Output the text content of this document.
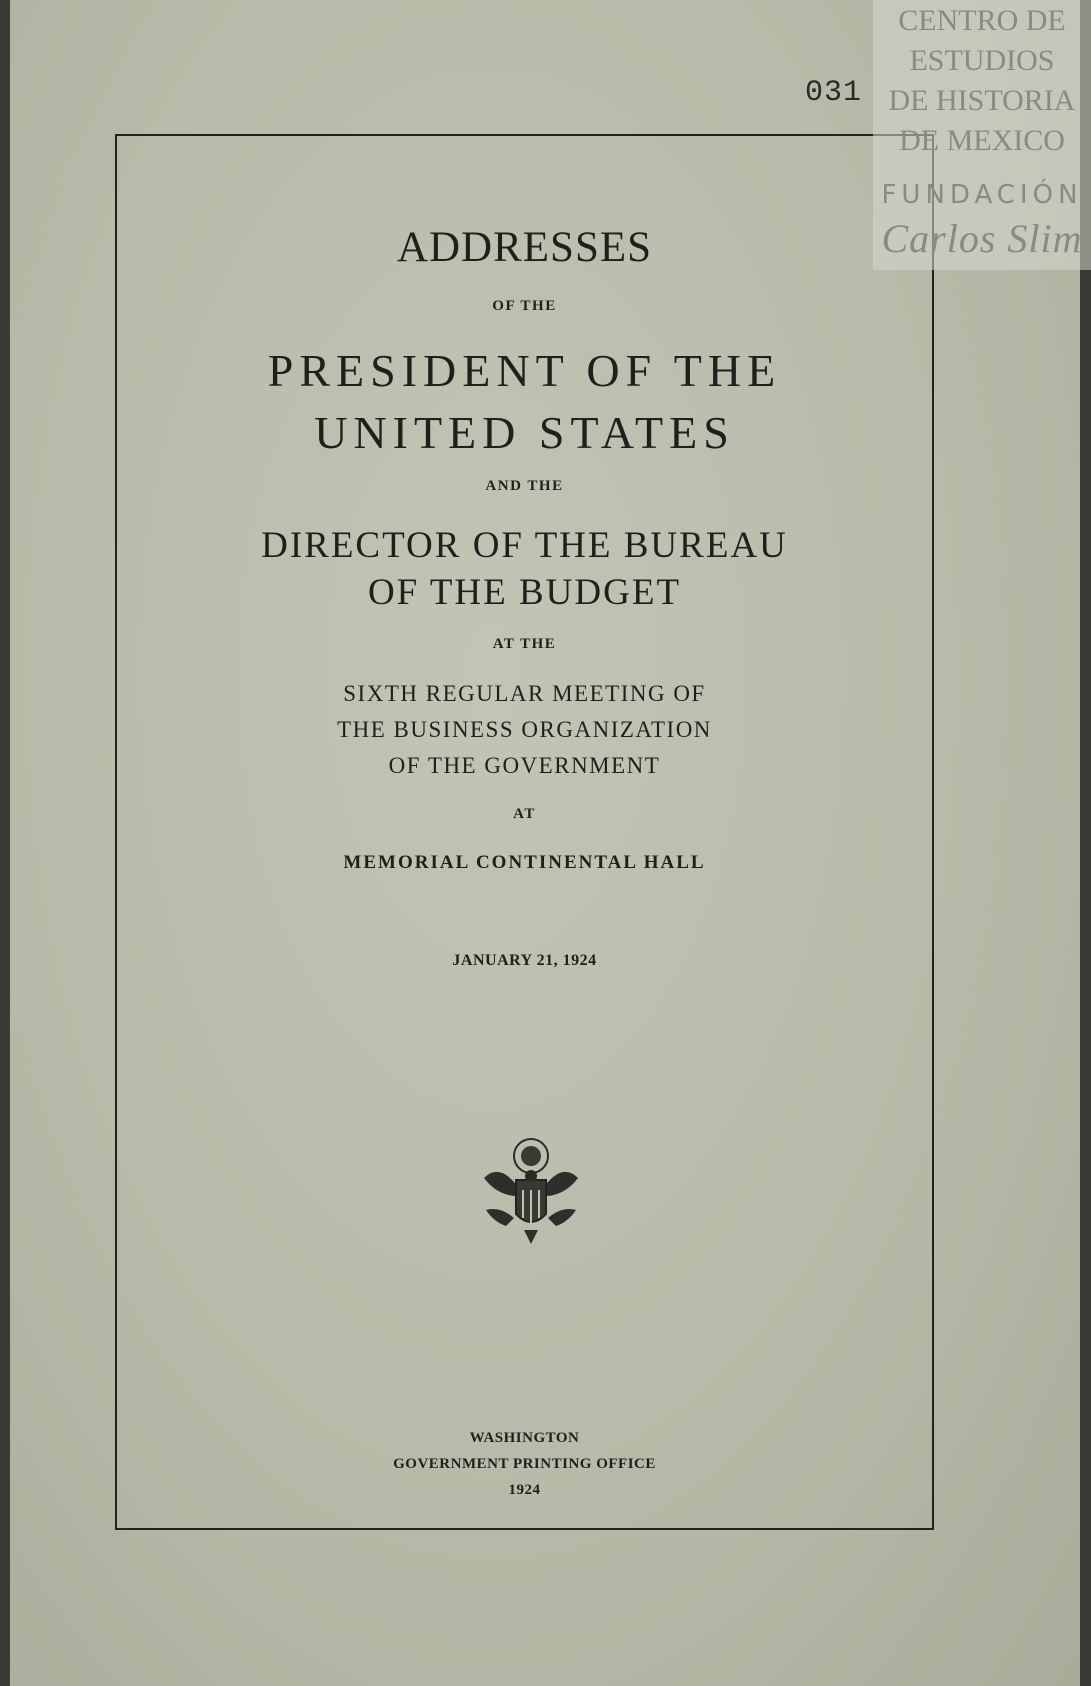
031
ADDRESSES
OF THE
PRESIDENT OF THE
UNITED STATES
AND THE
DIRECTOR OF THE BUREAU
OF THE BUDGET
AT THE
SIXTH REGULAR MEETING OF
THE BUSINESS ORGANIZATION
OF THE GOVERNMENT
AT
MEMORIAL CONTINENTAL HALL
JANUARY 21, 1924
WASHINGTON
GOVERNMENT PRINTING OFFICE
1924
CENTRO DE
ESTUDIOS
DE HISTORIA
DE MEXICO
FUNDACIÓN
Carlos Slim
